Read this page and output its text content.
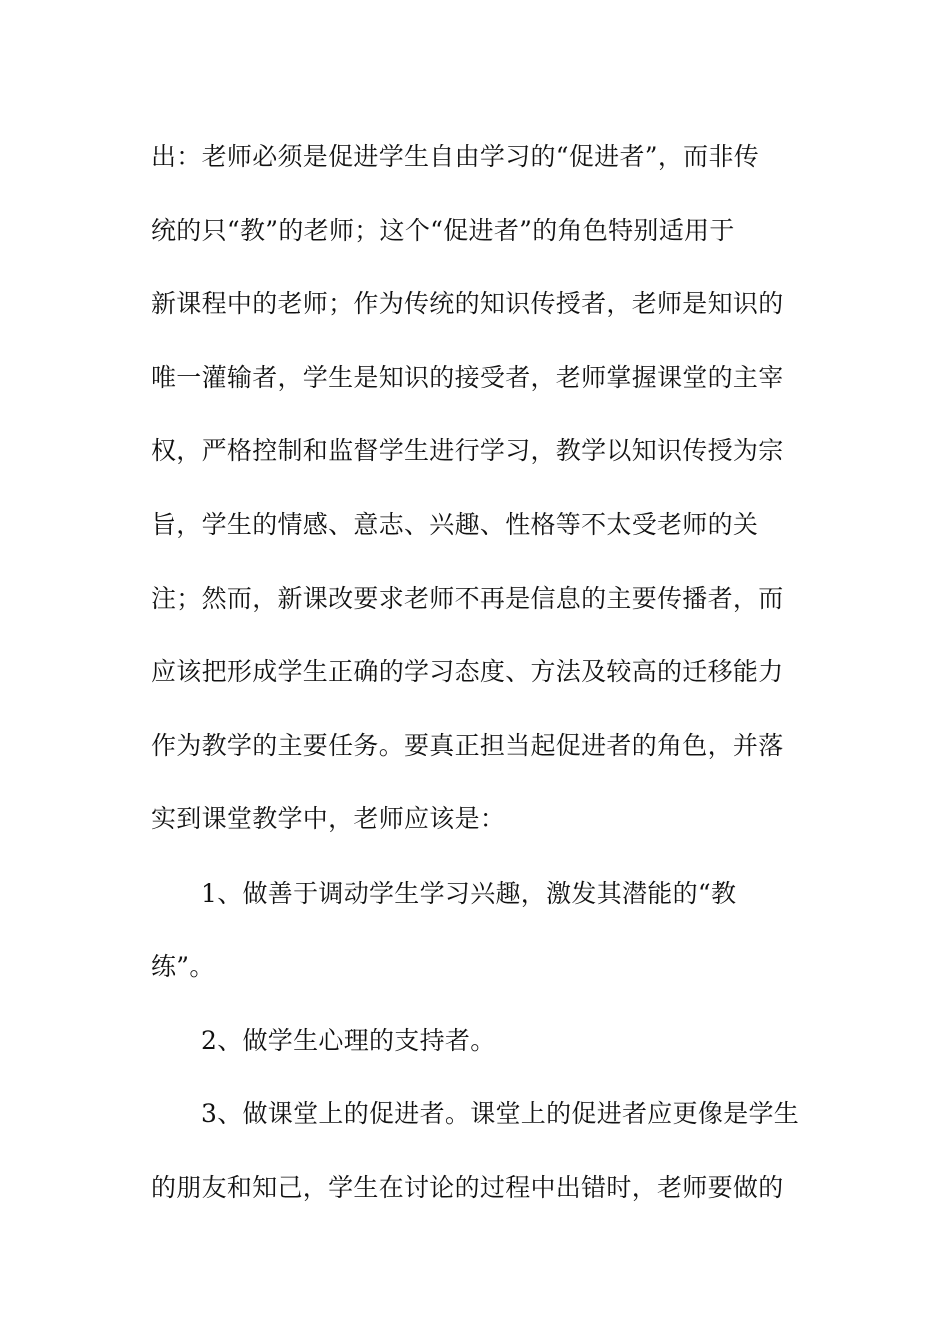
出：老师必须是促进学生自由学习的“促进者”，而非传

统的只“教”的老师；这个“促进者”的角色特别适用于

新课程中的老师；作为传统的知识传授者，老师是知识的

唯一灌输者，学生是知识的接受者，老师掌握课堂的主宰

权，严格控制和监督学生进行学习，教学以知识传授为宗

旨，学生的情感、意志、兴趣、性格等不太受老师的关

注；然而，新课改要求老师不再是信息的主要传播者，而

应该把形成学生正确的学习态度、方法及较高的迁移能力

作为教学的主要任务。要真正担当起促进者的角色，并落

实到课堂教学中，老师应该是：

1、做善于调动学生学习兴趣，激发其潜能的“教

练”。

2、做学生心理的支持者。

3、做课堂上的促进者。课堂上的促进者应更像是学生

的朋友和知己，学生在讨论的过程中出错时，老师要做的
